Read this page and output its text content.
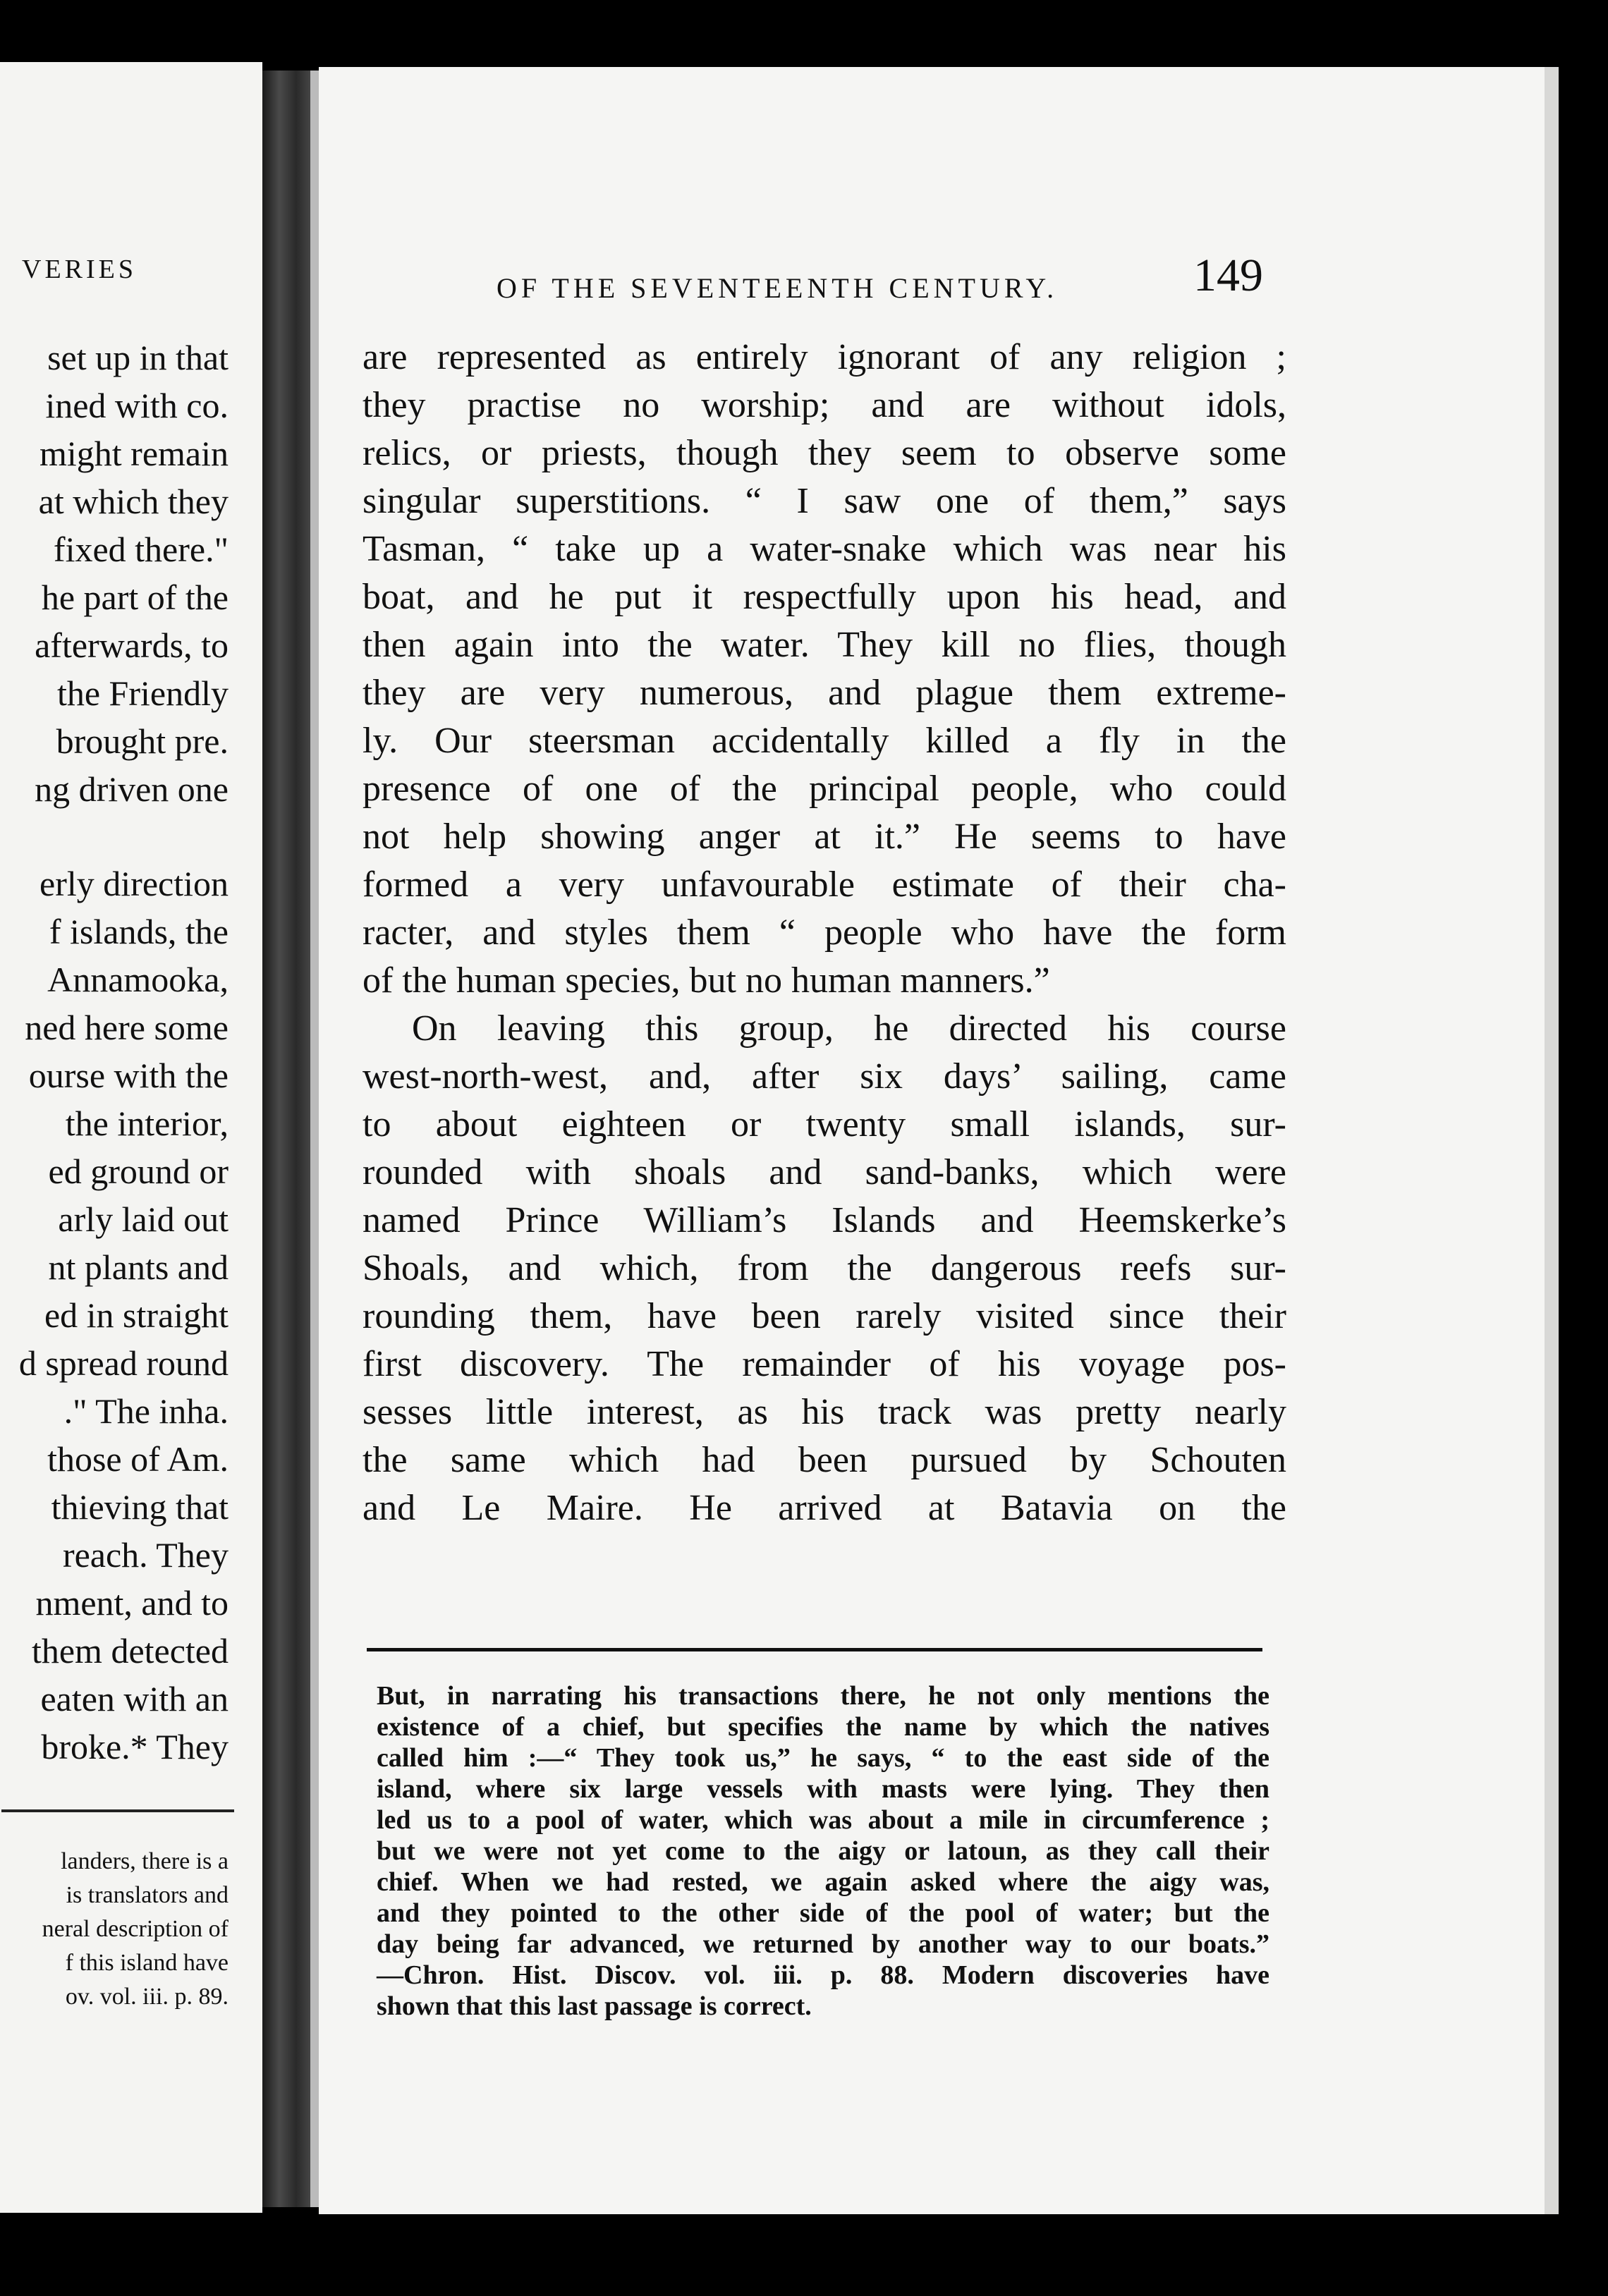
VERIES
set up in that
ined with co.
might remain
at which they
fixed there."
he part of the
afterwards, to
the Friendly
brought pre.
ng driven one
erly direction
f islands, the
Annamooka,
ned here some
ourse with the
the interior,
ed ground or
arly laid out
nt plants and
ed in straight
d spread round
." The inha.
those of Am.
thieving that
reach. They
nment, and to
them detected
eaten with an
broke.* They
landers, there is a
is translators and
neral description of
f this island have
ov. vol. iii. p. 89.
OF THE SEVENTEENTH CENTURY.	149
are represented as entirely ignorant of any religion ;
they practise no worship; and are without idols,
relics, or priests, though they seem to observe some
singular superstitions. “ I saw one of them,” says
Tasman, “ take up a water-snake which was near his
boat, and he put it respectfully upon his head, and
then again into the water. They kill no flies, though
they are very numerous, and plague them extreme-
ly. Our steersman accidentally killed a fly in the
presence of one of the principal people, who could
not help showing anger at it.” He seems to have
formed a very unfavourable estimate of their cha-
racter, and styles them “ people who have the form
of the human species, but no human manners.”
On leaving this group, he directed his course
west-north-west, and, after six days’ sailing, came
to about eighteen or twenty small islands, sur-
rounded with shoals and sand-banks, which were
named Prince William’s Islands and Heemskerke’s
Shoals, and which, from the dangerous reefs sur-
rounding them, have been rarely visited since their
first discovery. The remainder of his voyage pos-
sesses little interest, as his track was pretty nearly
the same which had been pursued by Schouten
and Le Maire. He arrived at Batavia on the
But, in narrating his transactions there, he not only mentions the
existence of a chief, but specifies the name by which the natives
called him :—“ They took us,” he says, “ to the east side of the
island, where six large vessels with masts were lying. They then
led us to a pool of water, which was about a mile in circumference ;
but we were not yet come to the aigy or latoun, as they call their
chief. When we had rested, we again asked where the aigy was,
and they pointed to the other side of the pool of water; but the
day being far advanced, we returned by another way to our boats.”
—Chron. Hist. Discov. vol. iii. p. 88. Modern discoveries have
shown that this last passage is correct.
